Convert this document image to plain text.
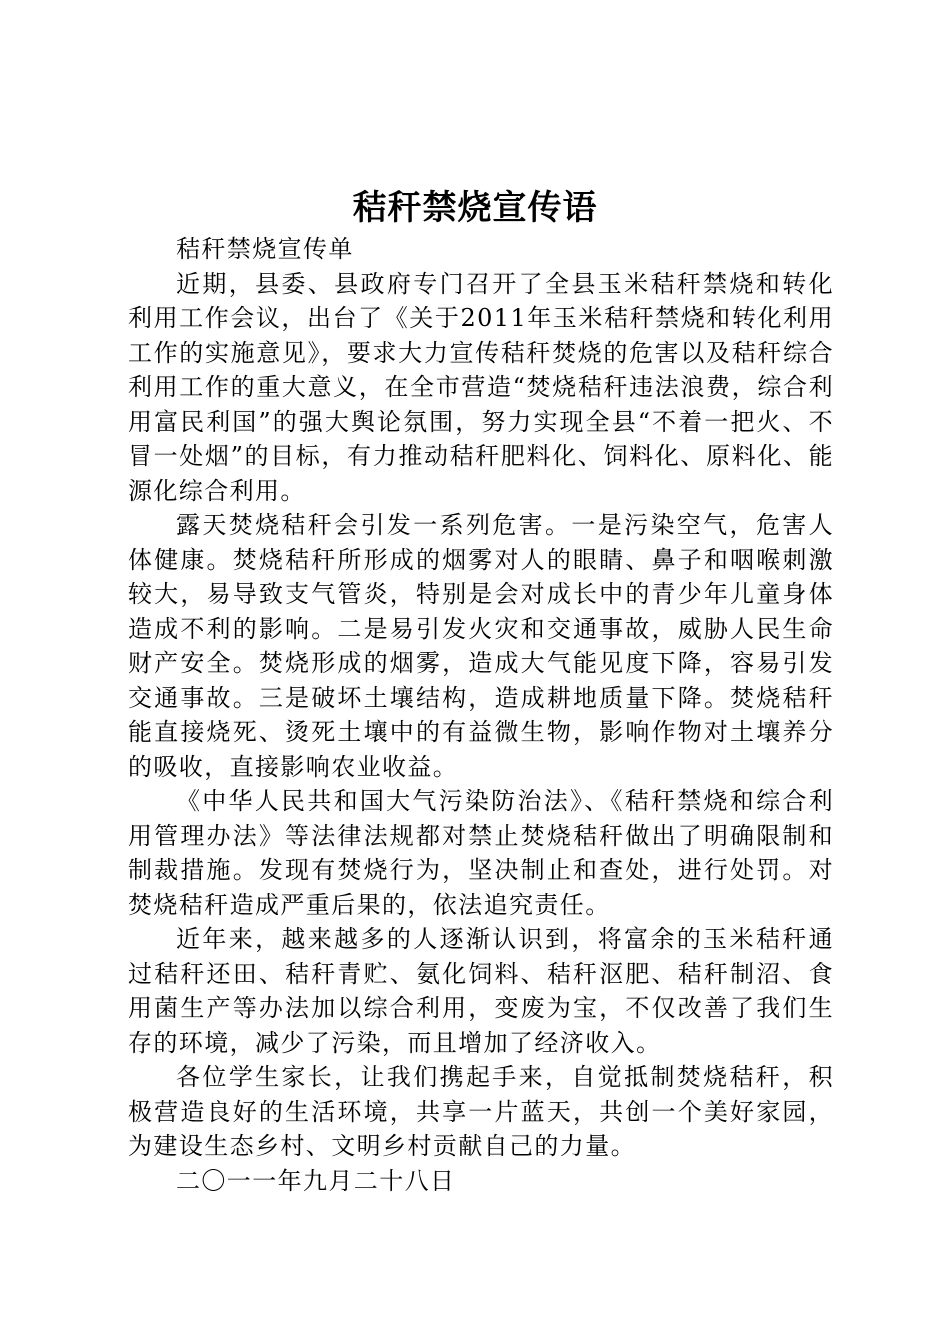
秸秆禁烧宣传语

秸秆禁烧宣传单

近期，县委、县政府专门召开了全县玉米秸秆禁烧和转化利用工作会议，出台了《关于2011年玉米秸秆禁烧和转化利用工作的实施意见》，要求大力宣传秸秆焚烧的危害以及秸秆综合利用工作的重大意义，在全市营造“焚烧秸秆违法浪费，综合利用富民利国”的强大舆论氛围，努力实现全县“不着一把火、不冒一处烟”的目标，有力推动秸秆肥料化、饲料化、原料化、能源化综合利用。

露天焚烧秸秆会引发一系列危害。一是污染空气，危害人体健康。焚烧秸秆所形成的烟雾对人的眼睛、鼻子和咽喉刺激较大，易导致支气管炎，特别是会对成长中的青少年儿童身体造成不利的影响。二是易引发火灾和交通事故，威胁人民生命财产安全。焚烧形成的烟雾，造成大气能见度下降，容易引发交通事故。三是破坏土壤结构，造成耕地质量下降。焚烧秸秆能直接烧死、烫死土壤中的有益微生物，影响作物对土壤养分的吸收，直接影响农业收益。

《中华人民共和国大气污染防治法》、《秸秆禁烧和综合利用管理办法》等法律法规都对禁止焚烧秸秆做出了明确限制和制裁措施。发现有焚烧行为，坚决制止和查处，进行处罚。对焚烧秸秆造成严重后果的，依法追究责任。

近年来，越来越多的人逐渐认识到，将富余的玉米秸秆通过秸秆还田、秸秆青贮、氨化饲料、秸秆沤肥、秸秆制沼、食用菌生产等办法加以综合利用，变废为宝，不仅改善了我们生存的环境，减少了污染，而且增加了经济收入。

各位学生家长，让我们携起手来，自觉抵制焚烧秸秆，积极营造良好的生活环境，共享一片蓝天，共创一个美好家园，为建设生态乡村、文明乡村贡献自己的力量。

二〇一一年九月二十八日
